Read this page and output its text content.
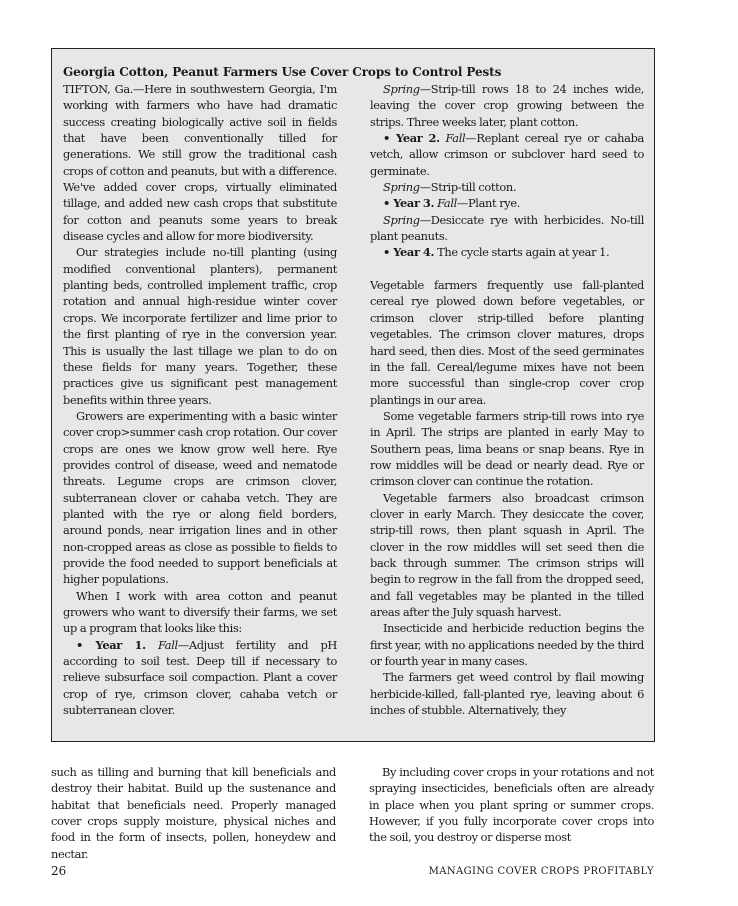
Georgia Cotton, Peanut Farmers Use Cover Crops to Control Pests

TIFTON, Ga.—Here in southwestern Georgia, I'm working with farmers who have had dramatic success creating biologically active soil in fields that have been conventionally tilled for generations. We still grow the traditional cash crops of cotton and peanuts, but with a difference. We've added cover crops, virtually eliminated tillage, and added new cash crops that substitute for cotton and peanuts some years to break disease cycles and allow for more biodiversity.

Our strategies include no-till planting (using modified conventional planters), permanent planting beds, controlled implement traffic, crop rotation and annual high-residue winter cover crops. We incorporate fertilizer and lime prior to the first planting of rye in the conversion year. This is usually the last tillage we plan to do on these fields for many years. Together, these practices give us significant pest management benefits within three years.

Growers are experimenting with a basic winter cover crop>summer cash crop rotation. Our cover crops are ones we know grow well here. Rye provides control of disease, weed and nematode threats. Legume crops are crimson clover, subterranean clover or cahaba vetch. They are planted with the rye or along field borders, around ponds, near irrigation lines and in other non-cropped areas as close as possible to fields to provide the food needed to support beneficials at higher populations.

When I work with area cotton and peanut growers who want to diversify their farms, we set up a program that looks like this:

• Year 1. Fall—Adjust fertility and pH according to soil test. Deep till if necessary to relieve subsurface soil compaction. Plant a cover crop of rye, crimson clover, cahaba vetch or subterranean clover.

Spring—Strip-till rows 18 to 24 inches wide, leaving the cover crop growing between the strips. Three weeks later, plant cotton.

• Year 2. Fall—Replant cereal rye or cahaba vetch, allow crimson or subclover hard seed to germinate.

Spring—Strip-till cotton.

• Year 3. Fall—Plant rye.

Spring—Desiccate rye with herbicides. No-till plant peanuts.

• Year 4. The cycle starts again at year 1.

Vegetable farmers frequently use fall-planted cereal rye plowed down before vegetables, or crimson clover strip-tilled before planting vegetables. The crimson clover matures, drops hard seed, then dies. Most of the seed germinates in the fall. Cereal/legume mixes have not been more successful than single-crop cover crop plantings in our area.

Some vegetable farmers strip-till rows into rye in April. The strips are planted in early May to Southern peas, lima beans or snap beans. Rye in row middles will be dead or nearly dead. Rye or crimson clover can continue the rotation.

Vegetable farmers also broadcast crimson clover in early March. They desiccate the cover, strip-till rows, then plant squash in April. The clover in the row middles will set seed then die back through summer. The crimson strips will begin to regrow in the fall from the dropped seed, and fall vegetables may be planted in the tilled areas after the July squash harvest.

Insecticide and herbicide reduction begins the first year, with no applications needed by the third or fourth year in many cases.

The farmers get weed control by flail mowing herbicide-killed, fall-planted rye, leaving about 6 inches of stubble. Alternatively, they

such as tilling and burning that kill beneficials and destroy their habitat. Build up the sustenance and habitat that beneficials need. Properly managed cover crops supply moisture, physical niches and food in the form of insects, pollen, honeydew and nectar.

By including cover crops in your rotations and not spraying insecticides, beneficials often are already in place when you plant spring or summer crops. However, if you fully incorporate cover crops into the soil, you destroy or disperse most

26	MANAGING COVER CROPS PROFITABLY
